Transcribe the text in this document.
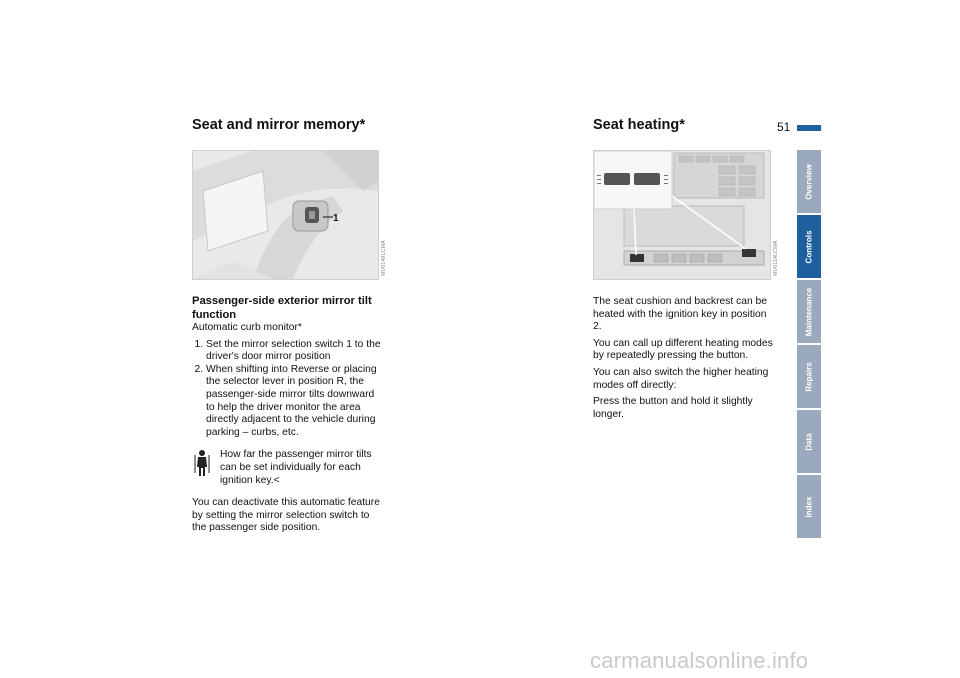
51
Seat and mirror memory*
1
MV0149LCMA
Passenger-side exterior mirror tilt function

Automatic curb monitor*

1. Set the mirror selection switch 1 to the driver's door mirror position
2. When shifting into Reverse or placing the selector lever in position R, the passenger-side mirror tilts downward to help the driver monitor the area directly adjacent to the vehicle during parking – curbs, etc.
How far the passenger mirror tilts can be set individually for each ignition key.<

You can deactivate this automatic feature by setting the mirror selection switch to the passenger side position.

Seat heating*
MV0114LCMA

The seat cushion and backrest can be heated with the ignition key in position 2.

You can call up different heating modes by repeatedly pressing the button.

You can also switch the higher heating modes off directly:

Press the button and hold it slightly longer.

Overview
Controls
Maintenance
Repairs
Data
Index
carmanualsonline.info
